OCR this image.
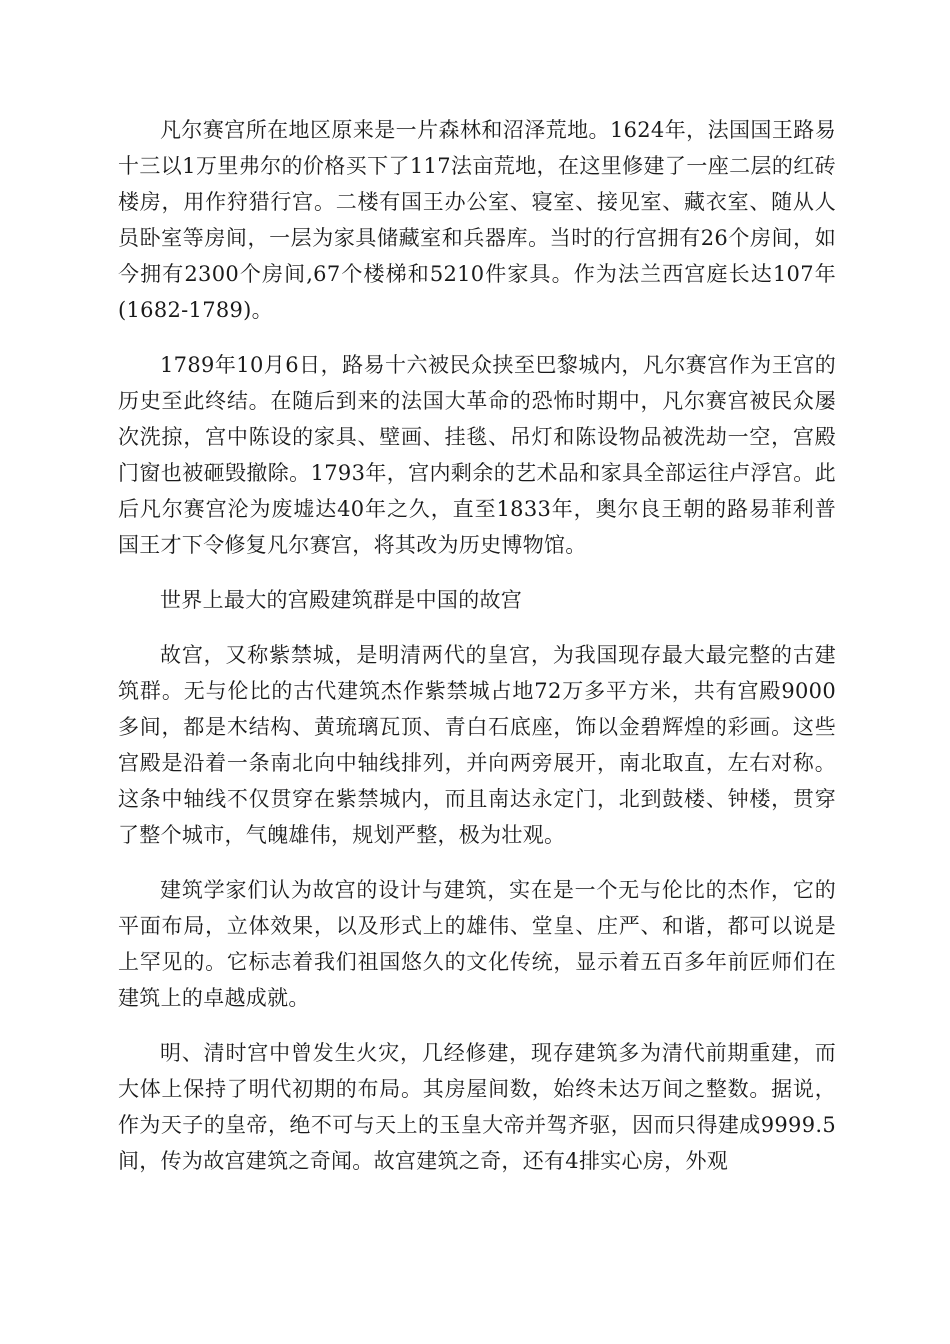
凡尔赛宫所在地区原来是一片森林和沼泽荒地。1624年，法国国王路易十三以1万里弗尔的价格买下了117法亩荒地，在这里修建了一座二层的红砖楼房，用作狩猎行宫。二楼有国王办公室、寝室、接见室、藏衣室、随从人员卧室等房间，一层为家具储藏室和兵器库。当时的行宫拥有26个房间，如今拥有2300个房间,67个楼梯和5210件家具。作为法兰西宫庭长达107年(1682-1789)。

1789年10月6日，路易十六被民众挟至巴黎城内，凡尔赛宫作为王宫的历史至此终结。在随后到来的法国大革命的恐怖时期中，凡尔赛宫被民众屡次洗掠，宫中陈设的家具、壁画、挂毯、吊灯和陈设物品被洗劫一空，宫殿门窗也被砸毁撤除。1793年，宫内剩余的艺术品和家具全部运往卢浮宫。此后凡尔赛宫沦为废墟达40年之久，直至1833年，奥尔良王朝的路易菲利普国王才下令修复凡尔赛宫，将其改为历史博物馆。

世界上最大的宫殿建筑群是中国的故宫

故宫，又称紫禁城，是明清两代的皇宫，为我国现存最大最完整的古建筑群。无与伦比的古代建筑杰作紫禁城占地72万多平方米，共有宫殿9000多间，都是木结构、黄琉璃瓦顶、青白石底座，饰以金碧辉煌的彩画。这些宫殿是沿着一条南北向中轴线排列，并向两旁展开，南北取直，左右对称。这条中轴线不仅贯穿在紫禁城内，而且南达永定门，北到鼓楼、钟楼，贯穿了整个城市，气魄雄伟，规划严整，极为壮观。

建筑学家们认为故宫的设计与建筑，实在是一个无与伦比的杰作，它的平面布局，立体效果，以及形式上的雄伟、堂皇、庄严、和谐，都可以说是上罕见的。它标志着我们祖国悠久的文化传统，显示着五百多年前匠师们在建筑上的卓越成就。

明、清时宫中曾发生火灾，几经修建，现存建筑多为清代前期重建，而大体上保持了明代初期的布局。其房屋间数，始终未达万间之整数。据说，作为天子的皇帝，绝不可与天上的玉皇大帝并驾齐驱，因而只得建成9999.5间，传为故宫建筑之奇闻。故宫建筑之奇，还有4排实心房，外观
